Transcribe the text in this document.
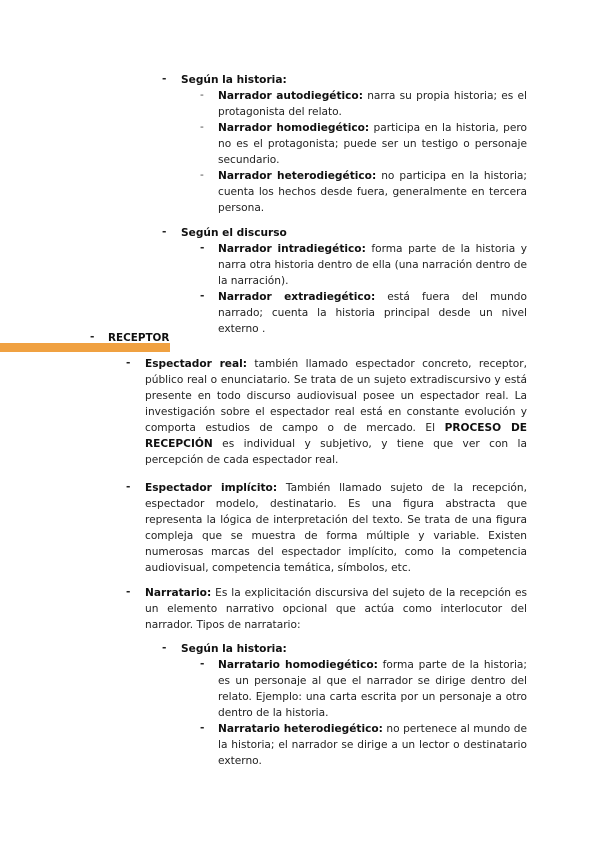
- Según la historia:
- Narrador autodiegético: narra su propia historia; es el protagonista del relato.
- Narrador homodiegético: participa en la historia, pero no es el protagonista; puede ser un testigo o personaje secundario.
- Narrador heterodiegético: no participa en la historia; cuenta los hechos desde fuera, generalmente en tercera persona.
- Según el discurso
- Narrador intradiegético: forma parte de la historia y narra otra historia dentro de ella (una narración dentro de la narración).
- Narrador extradiegético: está fuera del mundo narrado; cuenta la historia principal desde un nivel externo .
- RECEPTOR
- Espectador real: también llamado espectador concreto, receptor, público real o enunciatario. Se trata de un sujeto extradiscursivo y está presente en todo discurso audiovisual posee un espectador real. La investigación sobre el espectador real está en constante evolución y comporta estudios de campo o de mercado. El PROCESO DE RECEPCIÓN es individual y subjetivo, y tiene que ver con la percepción de cada espectador real.
- Espectador implícito: También llamado sujeto de la recepción, espectador modelo, destinatario. Es una figura abstracta que representa la lógica de interpretación del texto. Se trata de una figura compleja que se muestra de forma múltiple y variable. Existen numerosas marcas del espectador implícito, como la competencia audiovisual, competencia temática, símbolos, etc.
- Narratario: Es la explicitación discursiva del sujeto de la recepción es un elemento narrativo opcional que actúa como interlocutor del narrador. Tipos de narratario:
- Según la historia:
- Narratario homodiegético: forma parte de la historia; es un personaje al que el narrador se dirige dentro del relato. Ejemplo: una carta escrita por un personaje a otro dentro de la historia.
- Narratario heterodiegético: no pertenece al mundo de la historia; el narrador se dirige a un lector o destinatario externo.
